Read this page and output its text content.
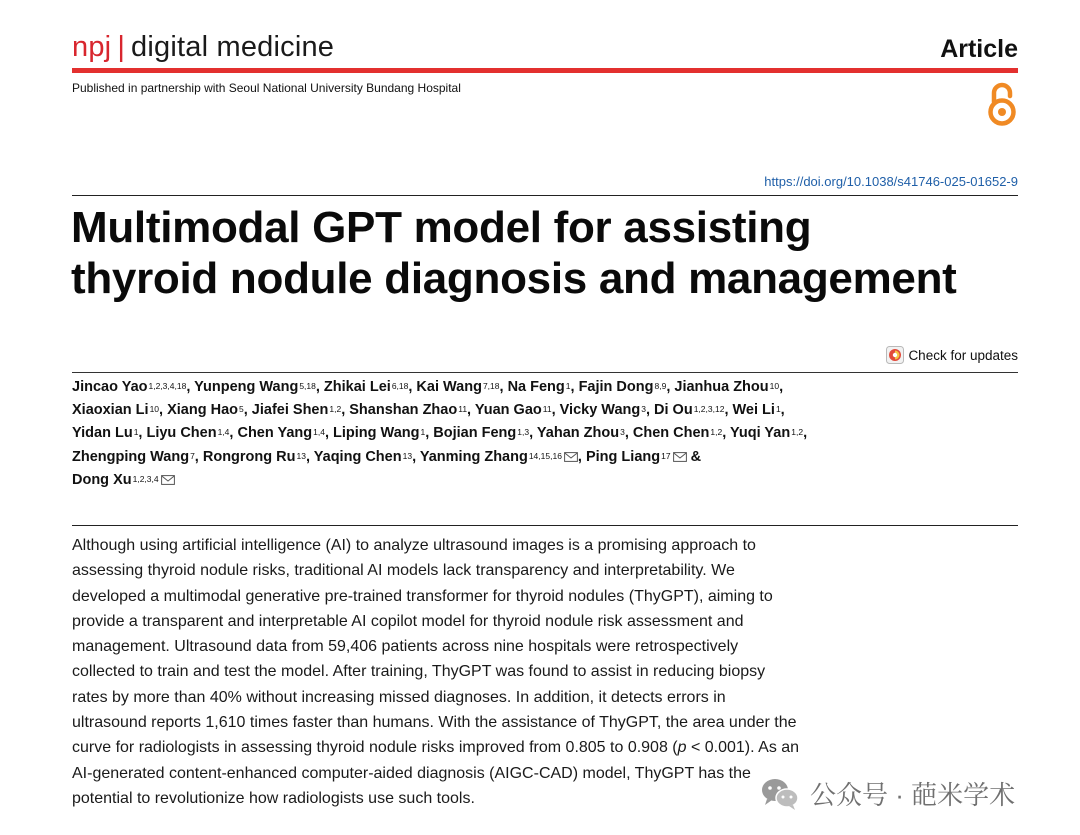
npj | digital medicine	Article
Published in partnership with Seoul National University Bundang Hospital
https://doi.org/10.1038/s41746-025-01652-9
Multimodal GPT model for assisting
thyroid nodule diagnosis and management
Check for updates
Jincao Yao$^{1,2,3,4,18}$, Yunpeng Wang$^{5,18}$, Zhikai Lei$^{6,18}$, Kai Wang$^{7,18}$, Na Feng$^1$, Fajin Dong$^{8,9}$, Jianhua Zhou$^{10}$,
Xiaoxian Li$^{10}$, Xiang Hao$^5$, Jiafei Shen$^{1,2}$, Shanshan Zhao$^{11}$, Yuan Gao$^{11}$, Vicky Wang$^3$, Di Ou$^{1,2,3,12}$, Wei Li$^1$,
Yidan Lu$^1$, Liyu Chen$^{1,4}$, Chen Yang$^{1,4}$, Liping Wang$^1$, Bojian Feng$^{1,3}$, Yahan Zhou$^3$, Chen Chen$^{1,2}$, Yuqi Yan$^{1,2}$,
Zhengping Wang$^7$, Rongrong Ru$^{13}$, Yaqing Chen$^{13}$, Yanming Zhang$^{14,15,16}$ , Ping Liang$^{17}$ &
Dong Xu$^{1,2,3,4}$
Although using artificial intelligence (AI) to analyze ultrasound images is a promising approach to
assessing thyroid nodule risks, traditional AI models lack transparency and interpretability. We
developed a multimodal generative pre-trained transformer for thyroid nodules (ThyGPT), aiming to
provide a transparent and interpretable AI copilot model for thyroid nodule risk assessment and
management. Ultrasound data from 59,406 patients across nine hospitals were retrospectively
collected to train and test the model. After training, ThyGPT was found to assist in reducing biopsy
rates by more than 40% without increasing missed diagnoses. In addition, it detects errors in
ultrasound reports 1,610 times faster than humans. With the assistance of ThyGPT, the area under the
curve for radiologists in assessing thyroid nodule risks improved from 0.805 to 0.908 (p < 0.001). As an
AI-generated content-enhanced computer-aided diagnosis (AIGC-CAD) model, ThyGPT has the
potential to revolutionize how radiologists use such tools.	公众号 · 葩米学术
